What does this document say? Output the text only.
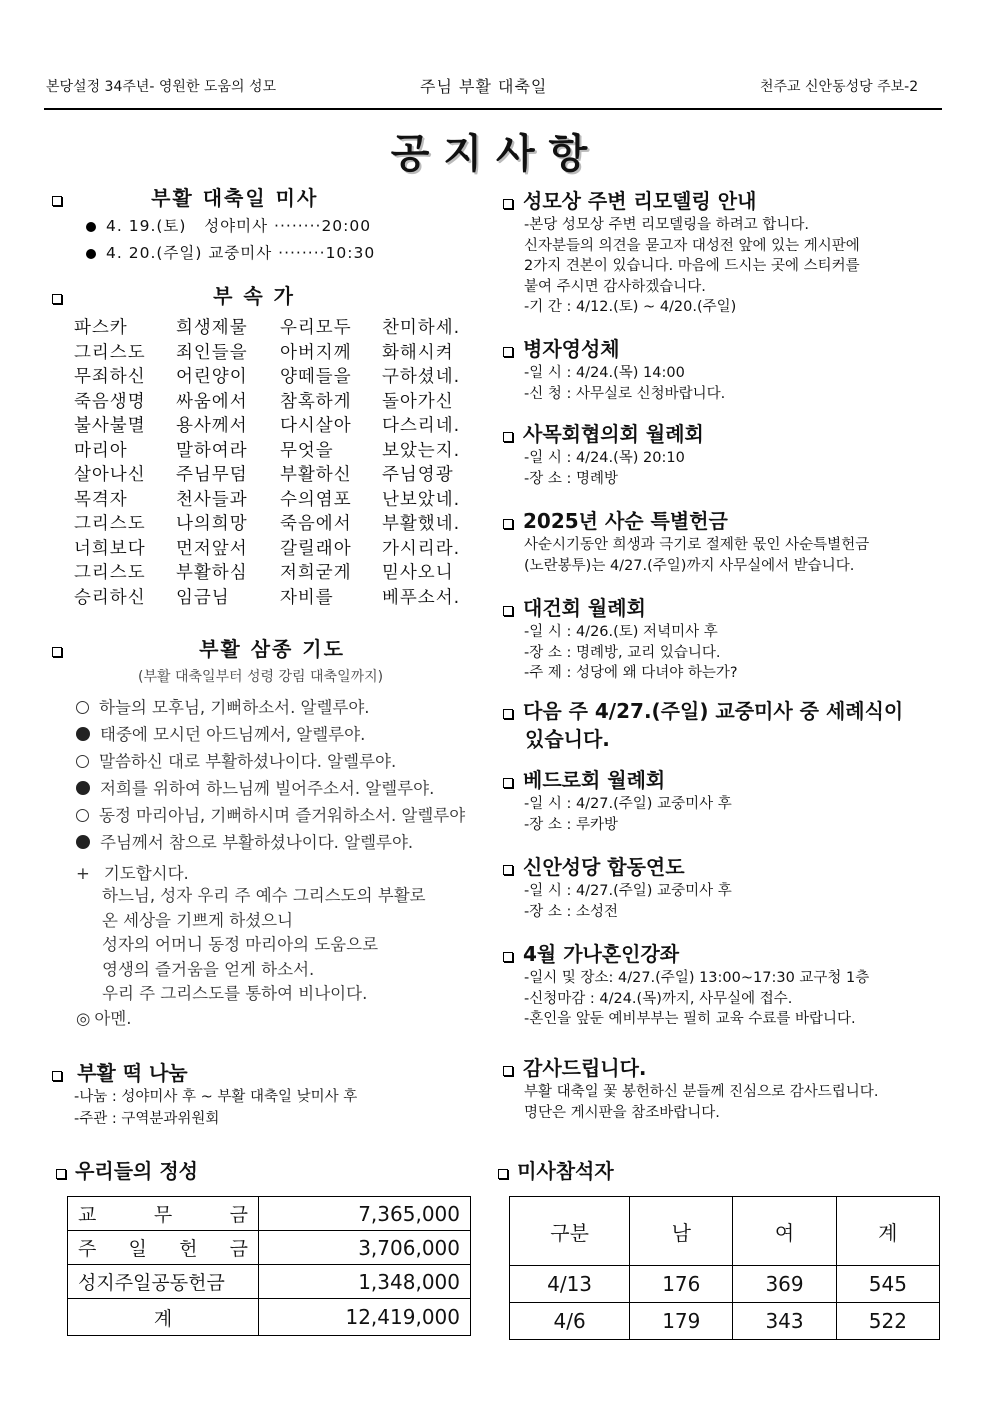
본당설정 34주년- 영원한 도움의 성모	주님 부활 대축일	천주교 신안동성당 주보-2
공지사항
부활 대축일 미사
4. 19.(토)   성야미사 ········20:00
4. 20.(주일) 교중미사 ········10:30
부 속 가
파스카	희생제물	우리모두	찬미하세.
그리스도	죄인들을	아버지께	화해시켜
무죄하신	어린양이	양떼들을	구하셨네.
죽음생명	싸움에서	참혹하게	돌아가신
불사불멸	용사께서	다시살아	다스리네.
마리아	말하여라	무엇을	보았는지.
살아나신	주님무덤	부활하신	주님영광
목격자	천사들과	수의염포	난보았네.
그리스도	나의희망	죽음에서	부활했네.
너희보다	먼저앞서	갈릴래아	가시리라.
그리스도	부활하심	저희굳게	믿사오니
승리하신	임금님	자비를	베푸소서.
부활 삼종 기도
(부활 대축일부터 성령 강림 대축일까지)
하늘의 모후님, 기뻐하소서. 알렐루야.
태중에 모시던 아드님께서, 알렐루야.
말씀하신 대로 부활하셨나이다. 알렐루야.
저희를 위하여 하느님께 빌어주소서. 알렐루야.
동정 마리아님, 기뻐하시며 즐거워하소서. 알렐루야
주님께서 참으로 부활하셨나이다. 알렐루야.
+ 기도합시다.
하느님, 성자 우리 주 예수 그리스도의 부활로
온 세상을 기쁘게 하셨으니
성자의 어머니 동정 마리아의 도움으로
영생의 즐거움을 얻게 하소서.
우리 주 그리스도를 통하여 비나이다.
◎ 아멘.
부활 떡 나눔
-나눔 : 성야미사 후 ~ 부활 대축일 낮미사 후
-주관 : 구역분과위원회
성모상 주변 리모델링 안내
-본당 성모상 주변 리모델링을 하려고 합니다.
신자분들의 의견을 묻고자 대성전 앞에 있는 게시판에
2가지 견본이 있습니다. 마음에 드시는 곳에 스티커를
붙여 주시면 감사하겠습니다.
-기 간 : 4/12.(토) ~ 4/20.(주일)
병자영성체
-일 시 : 4/24.(목) 14:00
-신 청 : 사무실로 신청바랍니다.
사목회협의회 월례회
-일 시 : 4/24.(목) 20:10
-장 소 : 명례방
2025년 사순 특별헌금
사순시기동안 희생과 극기로 절제한 몫인 사순특별헌금
(노란봉투)는 4/27.(주일)까지 사무실에서 받습니다.
대건회 월례회
-일 시 : 4/26.(토) 저녁미사 후
-장 소 : 명례방, 교리 있습니다.
-주 제 : 성당에 왜 다녀야 하는가?
다음 주 4/27.(주일) 교중미사 중 세례식이
있습니다.
베드로회 월례회
-일 시 : 4/27.(주일) 교중미사 후
-장 소 : 루카방
신안성당 합동연도
-일 시 : 4/27.(주일) 교중미사 후
-장 소 : 소성전
4월 가나혼인강좌
-일시 및 장소: 4/27.(주일) 13:00~17:30 교구청 1층
-신청마감 : 4/24.(목)까지, 사무실에 접수.
-혼인을 앞둔 예비부부는 필히 교육 수료를 바랍니다.
감사드립니다.
부활 대축일 꽃 봉헌하신 분들께 진심으로 감사드립니다.
명단은 게시판을 참조바랍니다.
우리들의 정성
교 무 금	7,365,000
주 일 헌 금	3,706,000
성지주일공동헌금	1,348,000
계	12,419,000
미사참석자
구분	남	여	계
4/13	176	369	545
4/6	179	343	522
